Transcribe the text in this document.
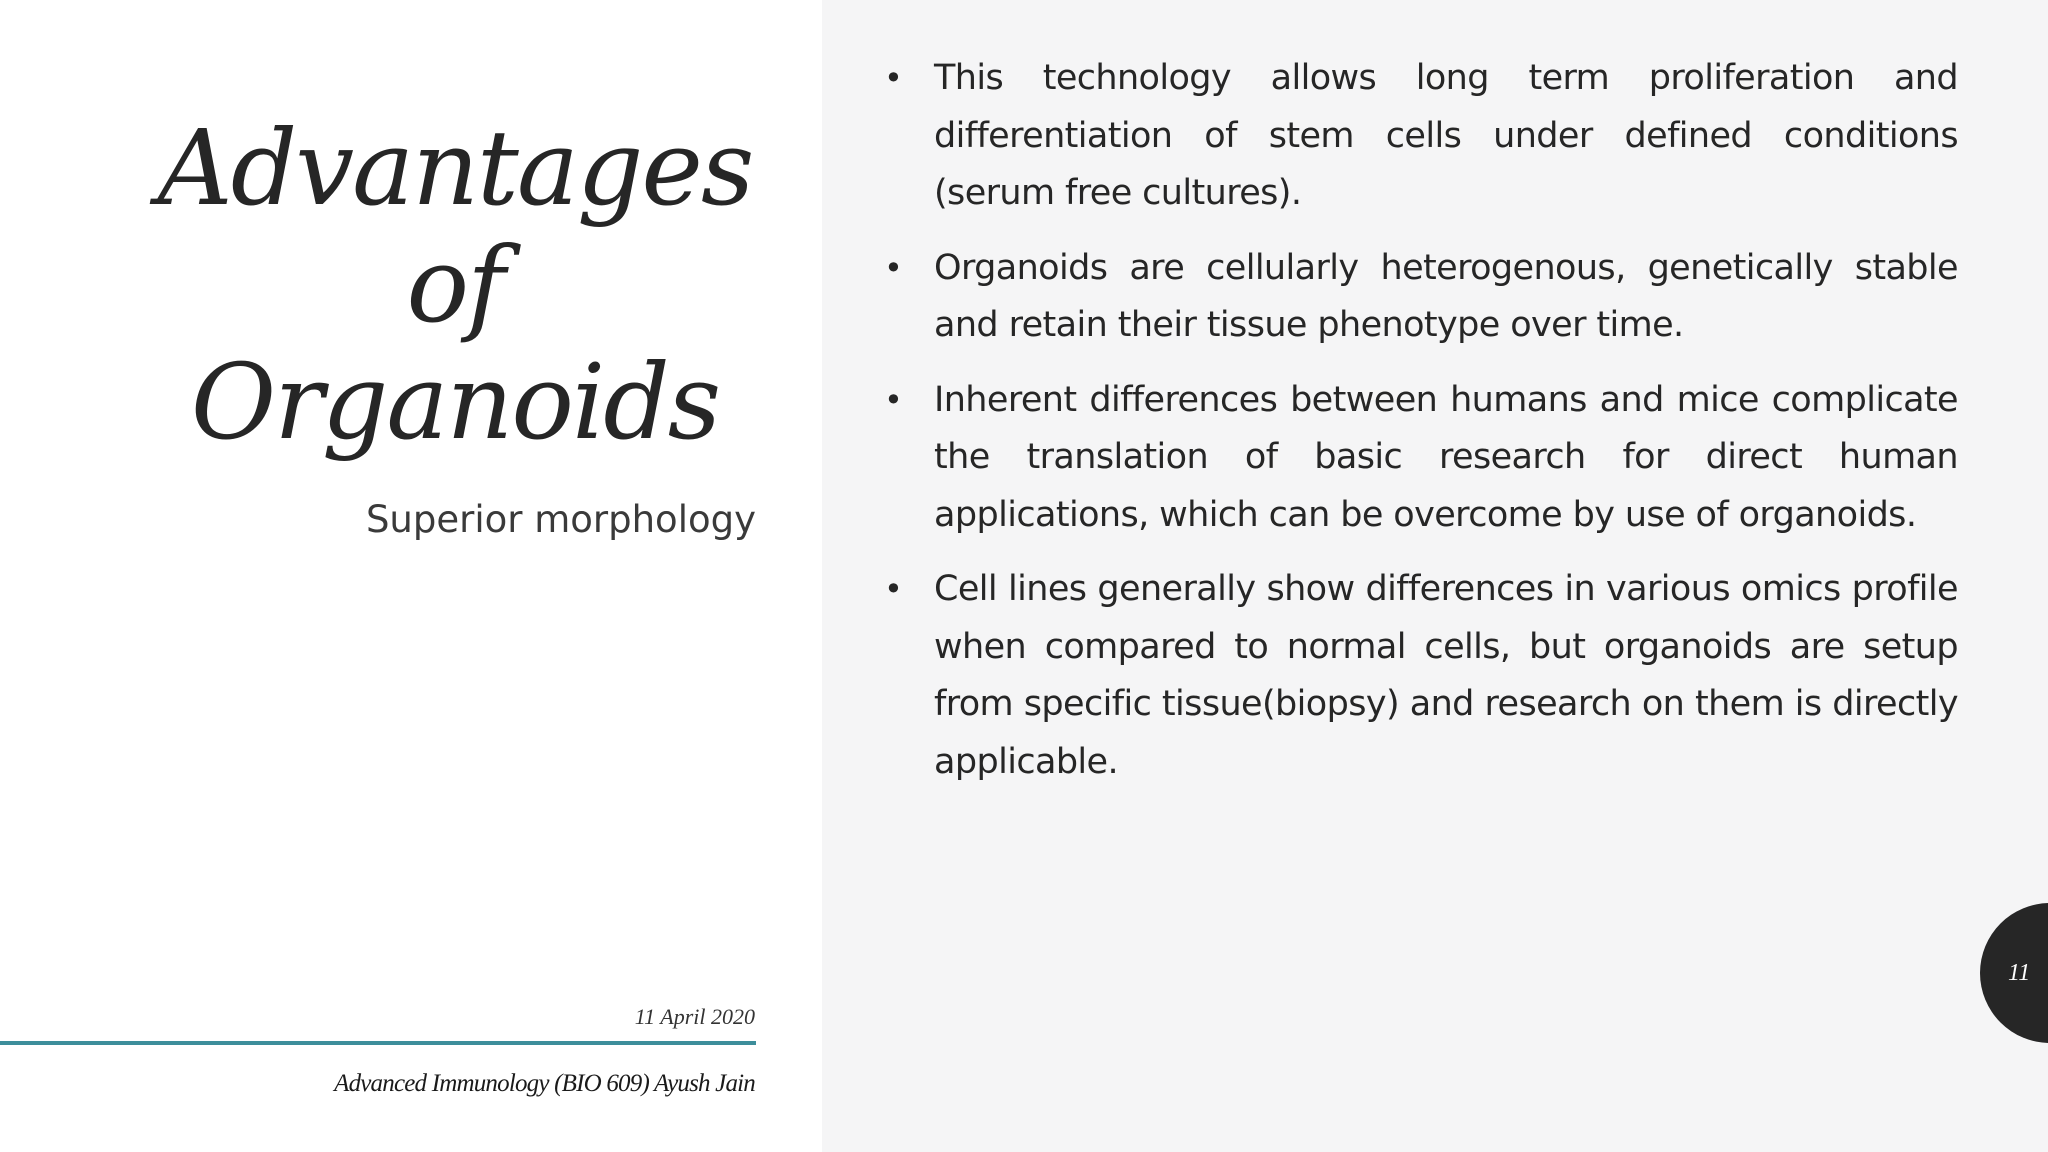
Advantages
of
Organoids

Superior morphology

11 April 2020
Advanced Immunology (BIO 609) Ayush Jain
• This technology allows long term proliferation and differentiation of stem cells under defined conditions (serum free cultures).
• Organoids are cellularly heterogenous, genetically stable and retain their tissue phenotype over time.
• Inherent differences between humans and mice complicate the translation of basic research for direct human applications, which can be overcome by use of organoids.
• Cell lines generally show differences in various omics profile when compared to normal cells, but organoids are setup from specific tissue(biopsy) and research on them is directly applicable.
11
